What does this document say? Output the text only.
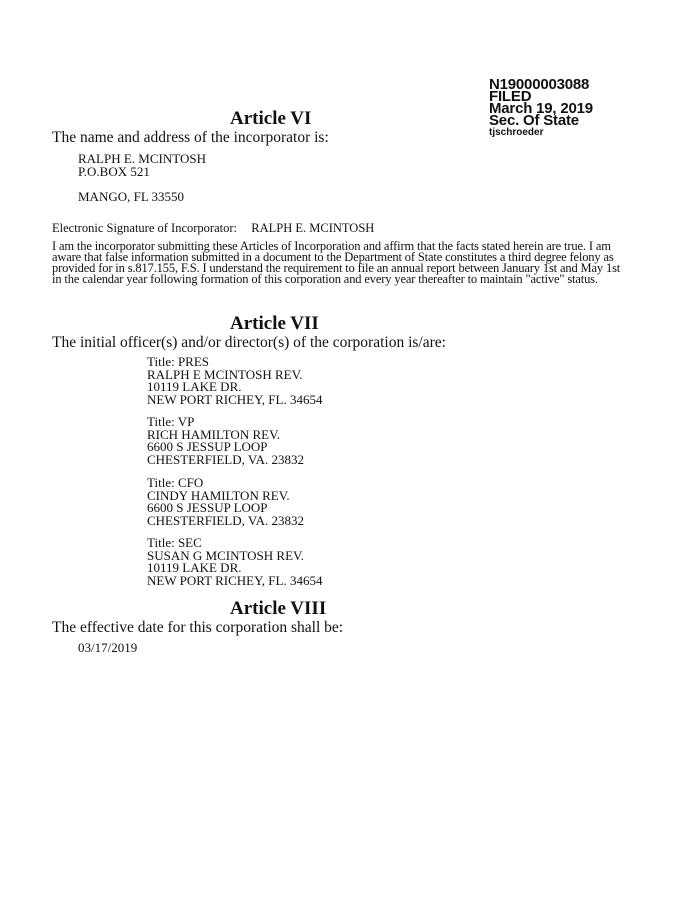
N19000003088
FILED
March 19, 2019
Sec. Of State
tjschroeder
Article VI
The name and address of the incorporator is:
RALPH E. MCINTOSH
P.O.BOX 521
MANGO, FL 33550
Electronic Signature of Incorporator: RALPH E. MCINTOSH
I am the incorporator submitting these Articles of Incorporation and affirm that the facts stated herein are true. I am aware that false information submitted in a document to the Department of State constitutes a third degree felony as provided for in s.817.155, F.S. I understand the requirement to file an annual report between January 1st and May 1st in the calendar year following formation of this corporation and every year thereafter to maintain "active" status.
Article VII
The initial officer(s) and/or director(s) of the corporation is/are:
Title: PRES
RALPH E MCINTOSH REV.
10119 LAKE DR.
NEW PORT RICHEY, FL. 34654
Title: VP
RICH HAMILTON REV.
6600 S JESSUP LOOP
CHESTERFIELD, VA. 23832
Title: CFO
CINDY HAMILTON REV.
6600 S JESSUP LOOP
CHESTERFIELD, VA. 23832
Title: SEC
SUSAN G MCINTOSH REV.
10119 LAKE DR.
NEW PORT RICHEY, FL. 34654
Article VIII
The effective date for this corporation shall be:
03/17/2019
